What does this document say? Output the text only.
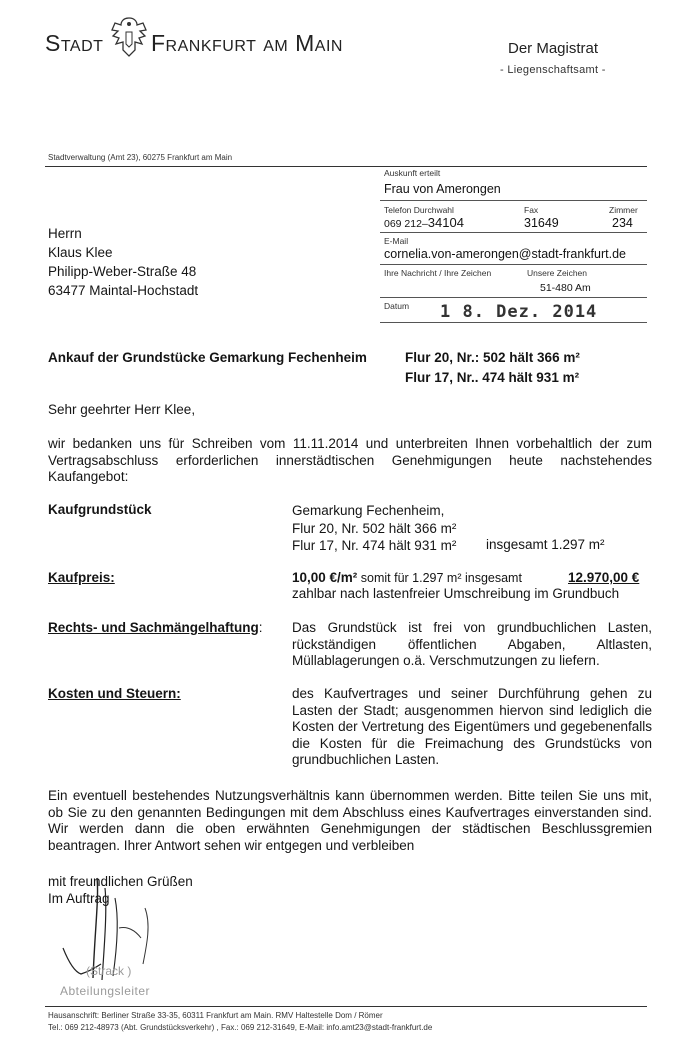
Stadt Frankfurt am Main	Der Magistrat
- Liegenschaftsamt -
Stadtverwaltung (Amt 23), 60275 Frankfurt am Main
Auskunft erteilt
Frau von Amerongen
Telefon Durchwahl	Fax	Zimmer
069 212–34104	31649	234
E-Mail
cornelia.von-amerongen@stadt-frankfurt.de
Ihre Nachricht / Ihre Zeichen	Unsere Zeichen
51-480 Am
Datum 1 8. Dez. 2014
Herrn
Klaus Klee
Philipp-Weber-Straße 48
63477 Maintal-Hochstadt
Ankauf der Grundstücke Gemarkung Fechenheim	Flur 20, Nr.: 502 hält 366 m²
Flur 17, Nr.. 474 hält 931 m²
Sehr geehrter Herr Klee,
wir bedanken uns für Schreiben vom 11.11.2014 und unterbreiten Ihnen vorbehaltlich der zum Vertragsabschluss erforderlichen innerstädtischen Genehmigungen heute nachstehendes Kaufangebot:
Kaufgrundstück	Gemarkung Fechenheim,
Flur 20, Nr. 502 hält 366 m²
Flur 17, Nr. 474 hält 931 m² insgesamt 1.297 m²
Kaufpreis:	10,00 €/m² somit für 1.297 m² insgesamt	12.970,00 €
zahlbar nach lastenfreier Umschreibung im Grundbuch
Rechts- und Sachmängelhaftung: Das Grundstück ist frei von grundbuchlichen Lasten, rückständigen öffentlichen Abgaben, Altlasten, Müllablagerungen o.ä. Verschmutzungen zu liefern.
Kosten und Steuern:	des Kaufvertrages und seiner Durchführung gehen zu Lasten der Stadt; ausgenommen hiervon sind lediglich die Kosten der Vertretung des Eigentümers und gegebenenfalls die Kosten für die Freimachung des Grundstücks von grundbuchlichen Lasten.
Ein eventuell bestehendes Nutzungsverhältnis kann übernommen werden. Bitte teilen Sie uns mit, ob Sie zu den genannten Bedingungen mit dem Abschluss eines Kaufvertrages einverstanden sind. Wir werden dann die oben erwähnten Genehmigungen der städtischen Beschlussgremien beantragen. Ihrer Antwort sehen wir entgegen und verbleiben
mit freundlichen Grüßen
Im Auftrag
(Strack )
Abteilungsleiter
Hausanschrift: Berliner Straße 33-35, 60311 Frankfurt am Main. RMV Haltestelle Dom / Römer
Tel.: 069 212-48973 (Abt. Grundstücksverkehr) , Fax.: 069 212-31649, E-Mail: info.amt23@stadt-frankfurt.de
